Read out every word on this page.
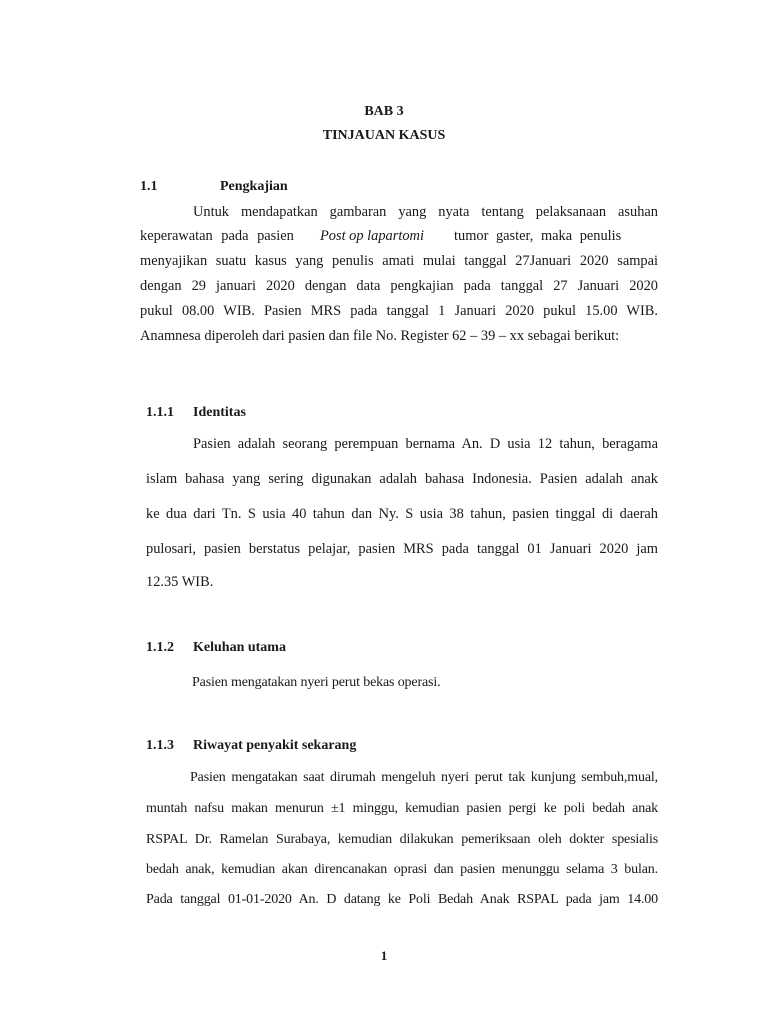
BAB 3
TINJAUAN KASUS
1.1	Pengkajian
Untuk mendapatkan gambaran yang nyata tentang pelaksanaan asuhan
keperawatan pada pasien Post op lapartomi tumor gaster, maka penulis
menyajikan suatu kasus yang penulis amati mulai tanggal 27Januari 2020 sampai
dengan 29 januari 2020 dengan data pengkajian pada tanggal 27 Januari 2020
pukul 08.00 WIB. Pasien MRS pada tanggal 1 Januari 2020 pukul 15.00 WIB.
Anamnesa diperoleh dari pasien dan file No. Register 62 – 39 – xx sebagai berikut:
1.1.1 Identitas
Pasien adalah seorang perempuan bernama An. D usia 12 tahun, beragama
islam bahasa yang sering digunakan adalah bahasa Indonesia. Pasien adalah anak
ke dua dari Tn. S usia 40 tahun dan Ny. S usia 38 tahun, pasien tinggal di daerah
pulosari, pasien berstatus pelajar, pasien MRS pada tanggal 01 Januari 2020 jam
12.35 WIB.
1.1.2 Keluhan utama
Pasien mengatakan nyeri perut bekas operasi.
1.1.3 Riwayat penyakit sekarang
Pasien mengatakan saat dirumah mengeluh nyeri perut tak kunjung sembuh,mual,
muntah nafsu makan menurun ±1 minggu, kemudian pasien pergi ke poli bedah anak
RSPAL Dr. Ramelan Surabaya, kemudian dilakukan pemeriksaan oleh dokter spesialis
bedah anak, kemudian akan direncanakan oprasi dan pasien menunggu selama 3 bulan.
Pada tanggal 01-01-2020 An. D datang ke Poli Bedah Anak RSPAL pada jam 14.00
1
